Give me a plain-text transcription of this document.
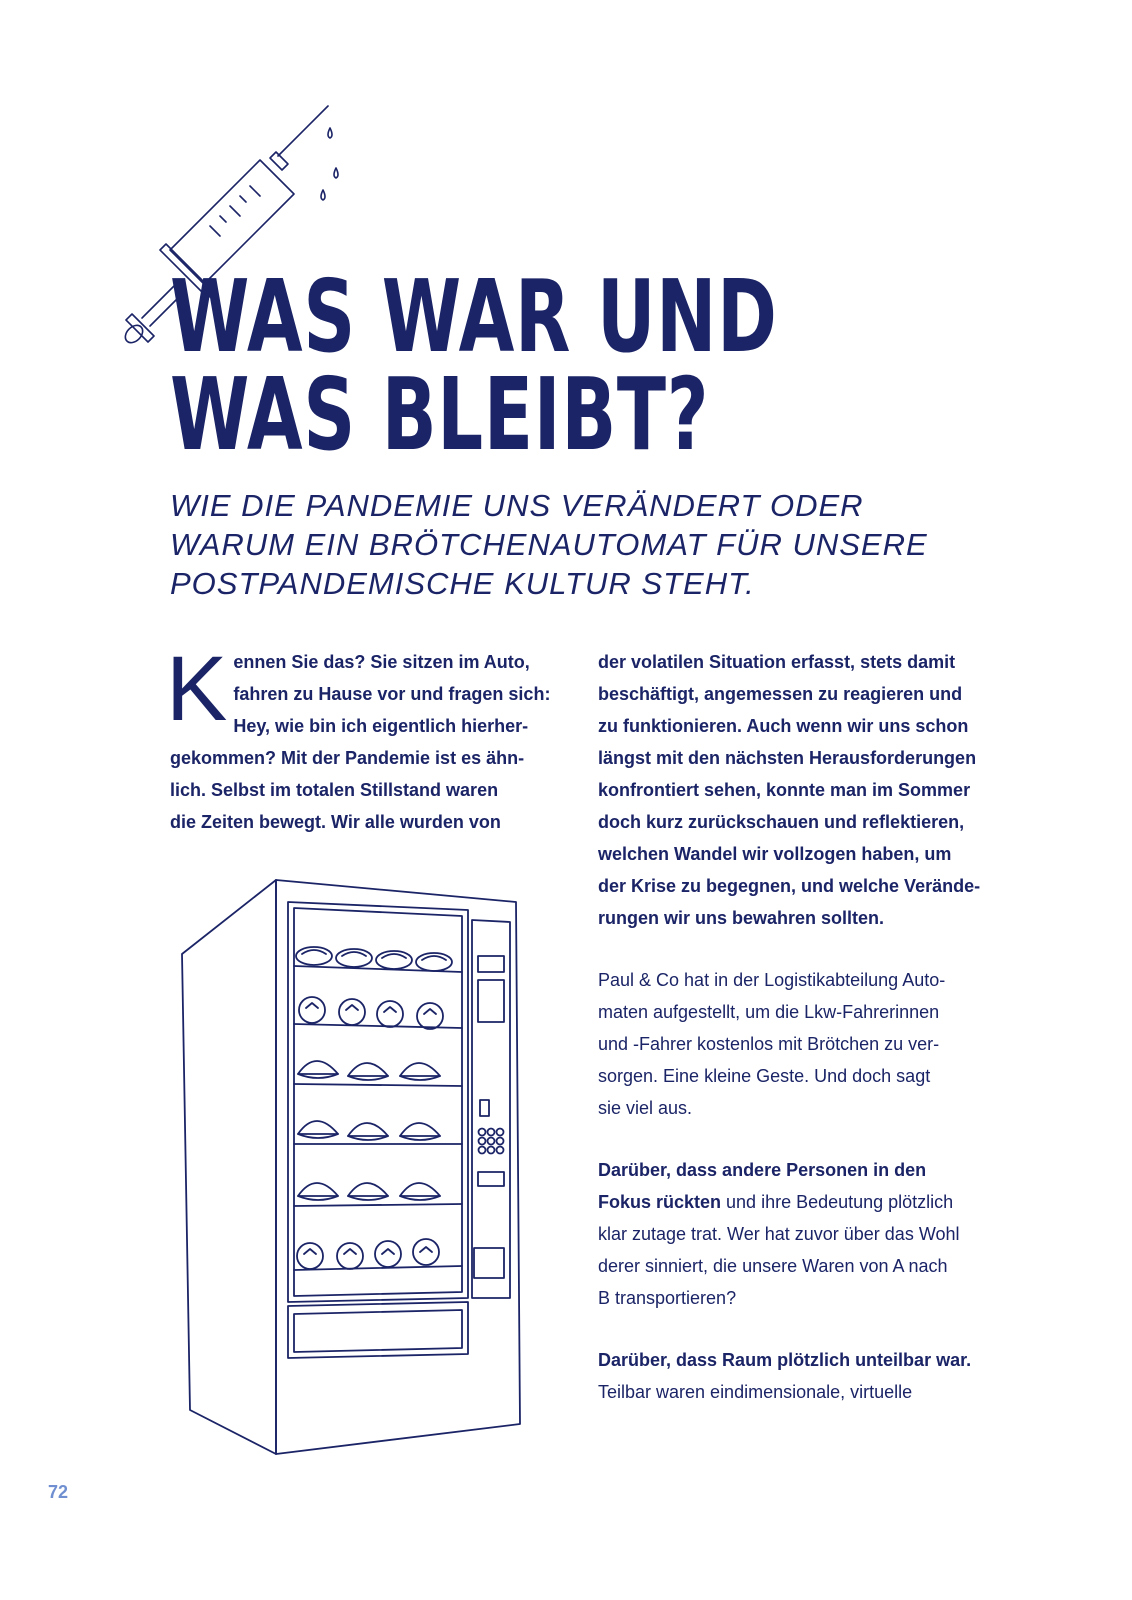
WAS WAR UND
WAS BLEIBT?
WIE DIE PANDEMIE UNS VERÄNDERT ODER
WARUM EIN BRÖTCHENAUTOMAT FÜR UNSERE
POSTPANDEMISCHE KULTUR STEHT.
K ennen Sie das? Sie sitzen im Auto,

fahren zu Hause vor und fragen sich:

Hey, wie bin ich eigentlich hierher-

gekommen? Mit der Pandemie ist es ähn-

lich. Selbst im totalen Stillstand waren

die Zeiten bewegt. Wir alle wurden von

der volatilen Situation erfasst, stets damit

beschäftigt, angemessen zu reagieren und

zu funktionieren. Auch wenn wir uns schon

längst mit den nächsten Herausforderungen

konfrontiert sehen, konnte man im Sommer

doch kurz zurückschauen und reflektieren,

welchen Wandel wir vollzogen haben, um

der Krise zu begegnen, und welche Verände-

rungen wir uns bewahren sollten.

Paul & Co hat in der Logistikabteilung Auto-

maten aufgestellt, um die Lkw-Fahrerinnen

und -Fahrer kostenlos mit Brötchen zu ver-

sorgen. Eine kleine Geste. Und doch sagt

sie viel aus.

Darüber, dass andere Personen in den

Fokus rückten und ihre Bedeutung plötzlich

klar zutage trat. Wer hat zuvor über das Wohl

derer sinniert, die unsere Waren von A nach

B transportieren?

Darüber, dass Raum plötzlich unteilbar war.

Teilbar waren eindimensionale, virtuelle

72
